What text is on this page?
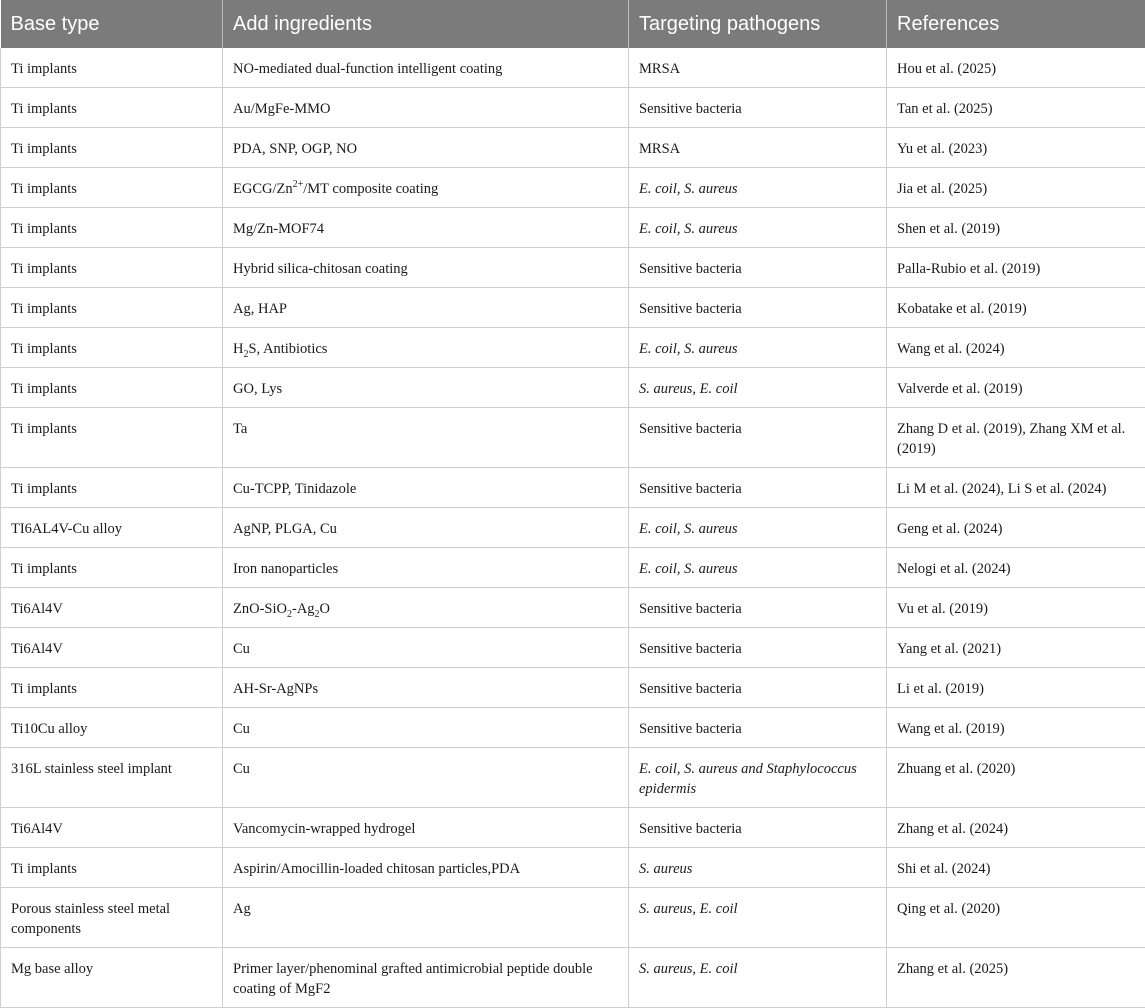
Base type	Add ingredients	Targeting pathogens	References
Ti implants	NO-mediated dual-function intelligent coating	MRSA	Hou et al. (2025)
Ti implants	Au/MgFe-MMO	Sensitive bacteria	Tan et al. (2025)
Ti implants	PDA, SNP, OGP, NO	MRSA	Yu et al. (2023)
Ti implants	EGCG/$Zn^{2+}/MT$ composite coating	E. coil, S. aureus	Jia et al. (2025)
Ti implants	Mg/Zn-MOF74	E. coil, S. aureus	Shen et al. (2019)
Ti implants	Hybrid silica-chitosan coating	Sensitive bacteria	Palla-Rubio et al. (2019)
Ti implants	Ag, HAP	Sensitive bacteria	Kobatake et al. (2019)
Ti implants	$H_2S$, Antibiotics	E. coil, S. aureus	Wang et al. (2024)
Ti implants	GO, Lys	S. aureus, E. coil	Valverde et al. (2019)
Ti implants	Ta	Sensitive bacteria	Zhang D et al. (2019), Zhang XM et al. (2019)
Ti implants	Cu-TCPP, Tinidazole	Sensitive bacteria	Li M et al. (2024), Li S et al. (2024)
TI6AL4V-Cu alloy	AgNP, PLGA, Cu	E. coil, S. aureus	Geng et al. (2024)
Ti implants	Iron nanoparticles	E. coil, S. aureus	Nelogi et al. (2024)
Ti6Al4V	ZnO-$SiO_2-Ag_2O$	Sensitive bacteria	Vu et al. (2019)
Ti6Al4V	Cu	Sensitive bacteria	Yang et al. (2021)
Ti implants	AH-Sr-AgNPs	Sensitive bacteria	Li et al. (2019)
Ti10Cu alloy	Cu	Sensitive bacteria	Wang et al. (2019)
316L stainless steel implant	Cu	E. coil, S. aureus and Staphylococcus epidermis	Zhuang et al. (2020)
Ti6Al4V	Vancomycin-wrapped hydrogel	Sensitive bacteria	Zhang et al. (2024)
Ti implants	Aspirin/Amocillin-loaded chitosan particles,PDA	S. aureus	Shi et al. (2024)
Porous stainless steel metal components	Ag	S. aureus, E. coil	Qing et al. (2020)
Mg base alloy	Primer layer/phenominal grafted antimicrobial peptide double coating of MgF2	S. aureus, E. coil	Zhang et al. (2025)
